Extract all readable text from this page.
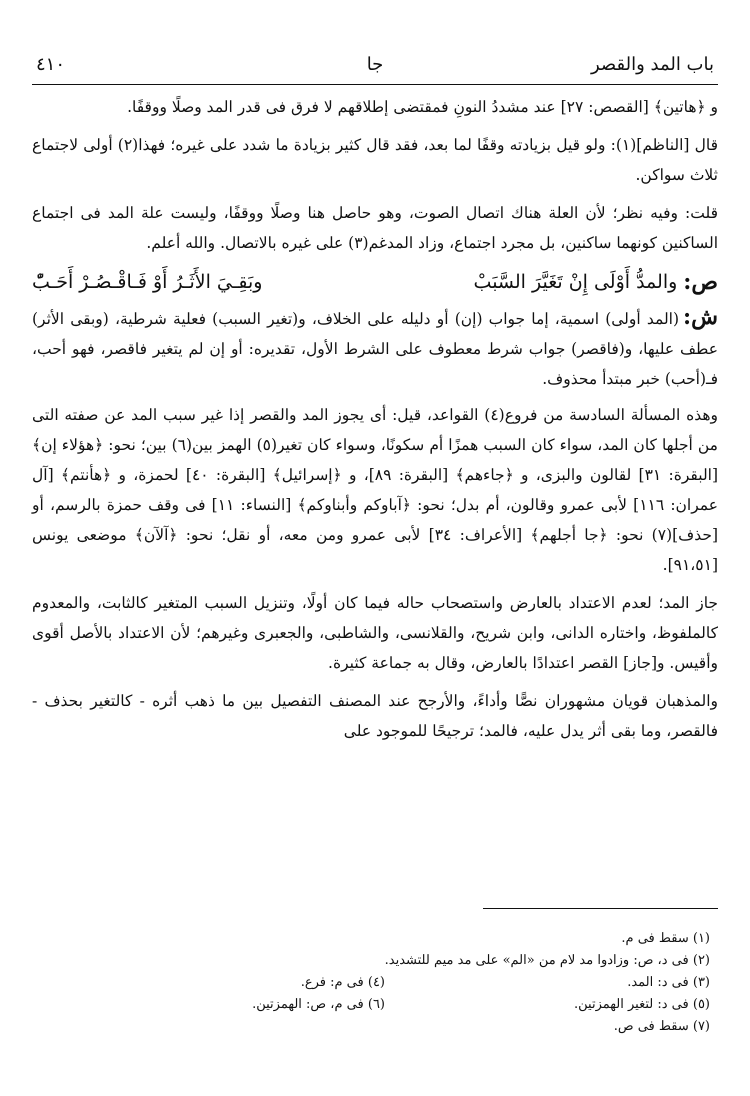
باب المد والقصر
جا
٤١٠

و ﴿هاتين﴾ [القصص: ٢٧] عند مشددُ النونِ فمقتضى إطلاقهم لا فرق فى قدر المد وصلًا ووقفًا.

قال [الناظم](١): ولو قيل بزيادته وقفًا لما بعد، فقد قال كثير بزيادة ما شدد على غيره؛ فهذا(٢) أولى لاجتماع ثلاث سواكن.

قلت: وفيه نظر؛ لأن العلة هناك اتصال الصوت، وهو حاصل هنا وصلًا ووقفًا، وليست علة المد فى اجتماع الساكنين كونهما ساكنين، بل مجرد اجتماع، وزاد المدغم(٣) على غيره بالاتصال. والله أعلم.

ص:
والمدُّ أَوْلَى إِنْ تَغَيَّرَ السَّبَبْ
وبَقِـيَ الأَثَـرُ أَوْ فَـاقْـصُـرْ أَحَـبّْ

ش:(المد أولى) اسمية، إما جواب (إن) أو دليله على الخلاف، و(تغير السبب) فعلية شرطية، (وبقى الأثر) عطف عليها، و(فاقصر) جواب شرط معطوف على الشرط الأول، تقديره: أو إن لم يتغير فاقصر، فهو أحب، فـ(أحب) خبر مبتدأ محذوف.

وهذه المسألة السادسة من فروع(٤) القواعد، قيل: أى يجوز المد والقصر إذا غير سبب المد عن صفته التى من أجلها كان المد، سواء كان السبب همزًا أم سكونًا، وسواء كان تغير(٥) الهمز بين(٦) بين؛ نحو: ﴿هؤلاء إن﴾ [البقرة: ٣١] لقالون والبزى، و ﴿جاءهم﴾ [البقرة: ٨٩]، و ﴿إسرائيل﴾ [البقرة: ٤٠] لحمزة، و ﴿هأنتم﴾ [آل عمران: ١١٦] لأبى عمرو وقالون، أم بدل؛ نحو: ﴿آباوكم وأبناوكم﴾ [النساء: ١١] فى وقف حمزة بالرسم، أو [حذف](٧) نحو: ﴿جا أجلهم﴾ [الأعراف: ٣٤] لأبى عمرو ومن معه، أو نقل؛ نحو: ﴿آلآن﴾ موضعى يونس [٩١،٥١].

جاز المد؛ لعدم الاعتداد بالعارض واستصحاب حاله فيما كان أولًا، وتنزيل السبب المتغير كالثابت، والمعدوم كالملفوظ، واختاره الدانى، وابن شريح، والقلانسى، والشاطبى، والجعبرى وغيرهم؛ لأن الاعتداد بالأصل أقوى وأقيس. و[جاز] القصر اعتدادًا بالعارض، وقال به جماعة كثيرة.

والمذهبان قويان مشهوران نصًّا وأداءً، والأرجح عند المصنف التفصيل بين ما ذهب أثره - كالتغير بحذف - فالقصر، وما بقى أثر يدل عليه، فالمد؛ ترجيحًا للموجود على

(١) سقط فى م.
(٢) فى د، ص: وزادوا مد لام من «الم» على مد ميم للتشديد.
(٣) فى د: المد.
(٤) فى م: فرع.
(٥) فى د: لتغير الهمزتين.
(٦) فى م، ص: الهمزتين.
(٧) سقط فى ص.
